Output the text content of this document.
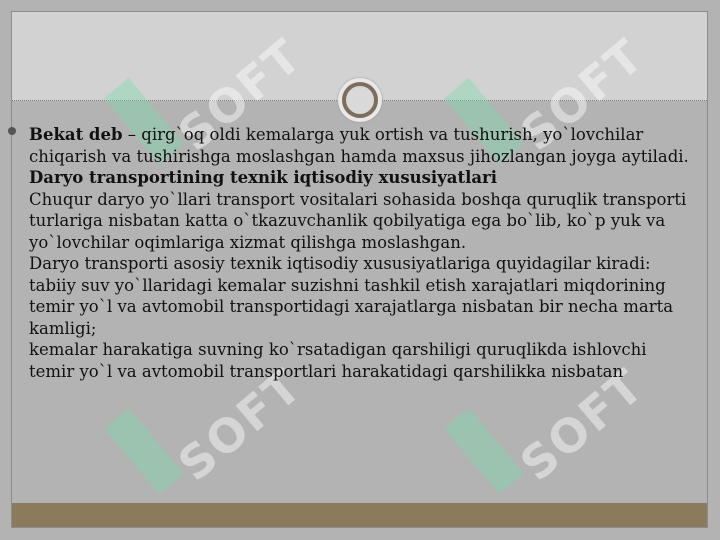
SOFT	SOFT
SOFT	SOFT

Bekat deb – qirg`oq oldi kemalarga yuk ortish va tushurish, yo`lovchilar

chiqarish va tushirishga moslashgan hamda maxsus jihozlangan joyga aytiladi.

Daryo transportining texnik iqtisodiy xususiyatlari

Chuqur daryo yo`llari transport vositalari sohasida boshqa quruqlik transporti

turlariga nisbatan katta o`tkazuvchanlik qobilyatiga ega bo`lib, ko`p yuk va

yo`lovchilar oqimlariga xizmat qilishga moslashgan.

Daryo transporti asosiy texnik iqtisodiy xususiyatlariga quyidagilar kiradi:

tabiiy suv yo`llaridagi kemalar suzishni tashkil etish xarajatlari miqdorining

temir yo`l va avtomobil transportidagi xarajatlarga nisbatan bir necha marta kamligi;

kemalar harakatiga suvning ko`rsatadigan qarshiligi quruqlikda ishlovchi

temir yo`l va avtomobil transportlari harakatidagi qarshilikka nisbatan
